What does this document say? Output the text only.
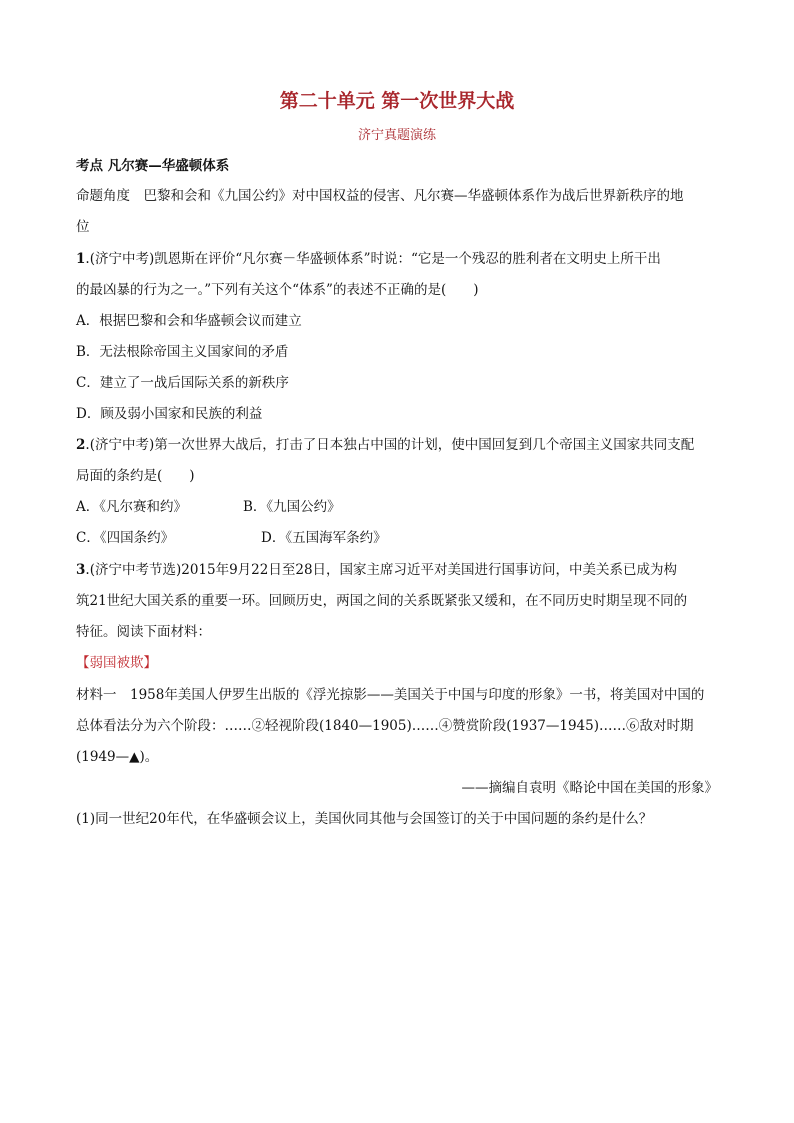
第二十单元 第一次世界大战
济宁真题演练
考点 凡尔赛—华盛顿体系
命题角度　巴黎和会和《九国公约》对中国权益的侵害、凡尔赛—华盛顿体系作为战后世界新秩序的地
位
1.(济宁中考)凯恩斯在评价“凡尔赛－华盛顿体系”时说：“它是一个残忍的胜利者在文明史上所干出
的最凶暴的行为之一。”下列有关这个“体系”的表述不正确的是(　　)
A．根据巴黎和会和华盛顿会议而建立
B．无法根除帝国主义国家间的矛盾
C．建立了一战后国际关系的新秩序
D．顾及弱小国家和民族的利益
2.(济宁中考)第一次世界大战后，打击了日本独占中国的计划，使中国回复到几个帝国主义国家共同支配
局面的条约是(　　)
A．《凡尔赛和约》	B．《九国公约》
C．《四国条约》	D．《五国海军条约》
3.(济宁中考节选)2015年9月22日至28日，国家主席习近平对美国进行国事访问，中美关系已成为构
筑21世纪大国关系的重要一环。回顾历史，两国之间的关系既紧张又缓和，在不同历史时期呈现不同的
特征。阅读下面材料：
【弱国被欺】
材料一　1958年美国人伊罗生出版的《浮光掠影——美国关于中国与印度的形象》一书，将美国对中国的
总体看法分为六个阶段：……②轻视阶段(1840—1905)……④赞赏阶段(1937—1945)……⑥敌对时期
(1949—▲)。
——摘编自袁明《略论中国在美国的形象》
(1)同一世纪20年代，在华盛顿会议上，美国伙同其他与会国签订的关于中国问题的条约是什么？
